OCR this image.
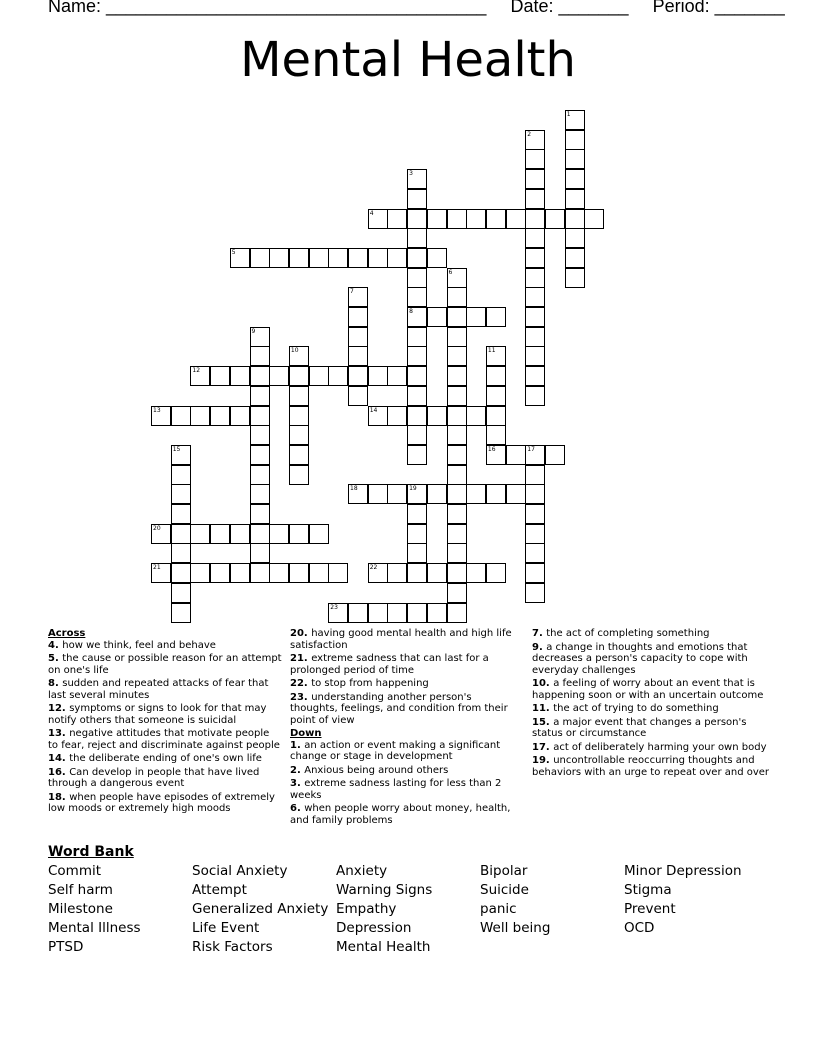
Name: ______________________________________ Date: _______ Period: _______
Mental Health
1
2
3
8
4
5
6
7
9
10	11
16
12
13	14
15	17
18	19
20
21	22
23
Across
4. how we think, feel and behave
5. the cause or possible reason for an attempt on one's life
8. sudden and repeated attacks of fear that last several minutes
12. symptoms or signs to look for that may notify others that someone is suicidal
13. negative attitudes that motivate people to fear, reject and discriminate against people
14. the deliberate ending of one's own life
16. Can develop in people that have lived through a dangerous event
18. when people have episodes of extremely low moods or extremely high moods
20. having good mental health and high life satisfaction
21. extreme sadness that can last for a prolonged period of time
22. to stop from happening
23. understanding another person's thoughts, feelings, and condition from their point of view
Down
1. an action or event making a significant change or stage in development
2. Anxious being around others
3. extreme sadness lasting for less than 2 weeks
6. when people worry about money, health, and family problems
7. the act of completing something
9. a change in thoughts and emotions that decreases a person's capacity to cope with everyday challenges
10. a feeling of worry about an event that is happening soon or with an uncertain outcome
11. the act of trying to do something
15. a major event that changes a person's status or circumstance
17. act of deliberately harming your own body
19. uncontrollable reoccurring thoughts and behaviors with an urge to repeat over and over
Word Bank
Commit
Self harm
Milestone
Mental Illness
PTSD
Social Anxiety
Attempt
Generalized Anxiety
Life Event
Risk Factors
Anxiety
Warning Signs
Empathy
Depression
Mental Health
Bipolar
Suicide
panic
Well being
Minor Depression
Stigma
Prevent
OCD
